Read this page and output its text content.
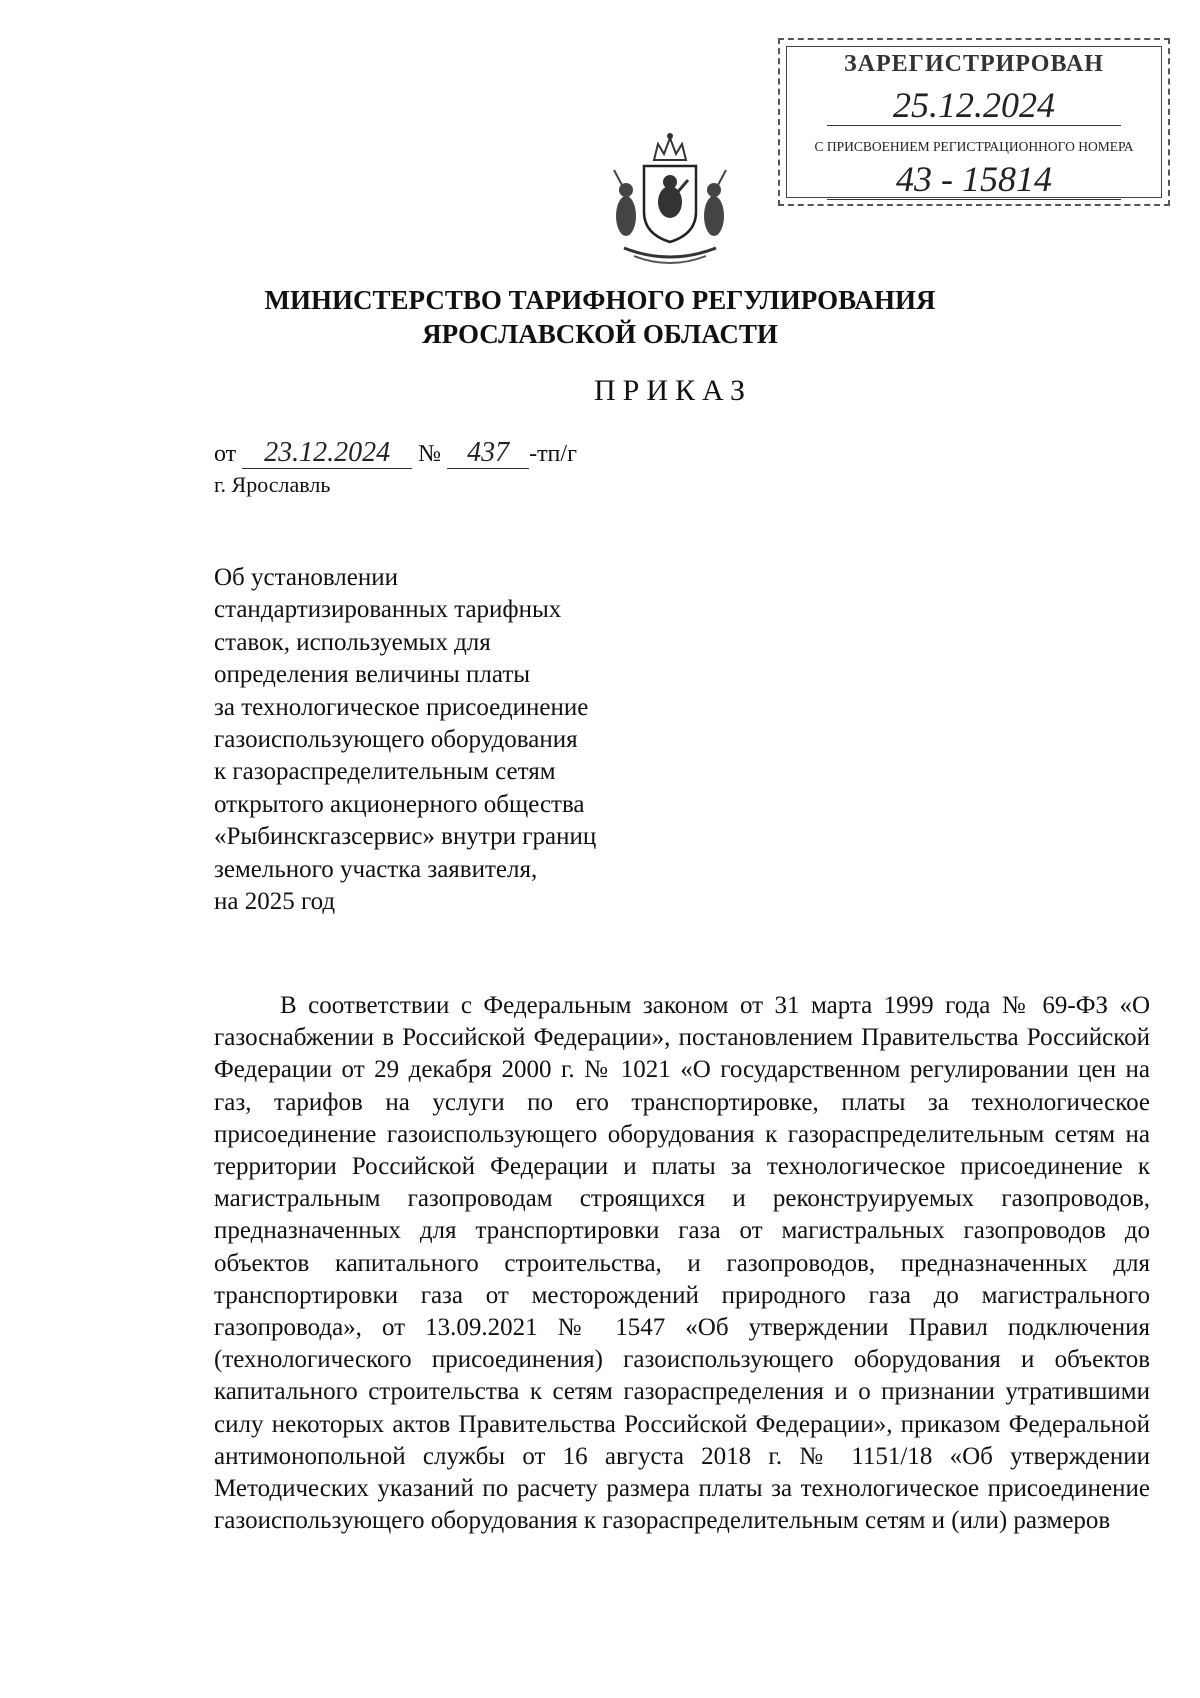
ЗАРЕГИСТРИРОВАН
25.12.2024
С ПРИСВОЕНИЕМ РЕГИСТРАЦИОННОГО НОМЕРА
43 - 15814
МИНИСТЕРСТВО ТАРИФНОГО РЕГУЛИРОВАНИЯ
ЯРОСЛАВСКОЙ ОБЛАСТИ
ПРИКАЗ
от 23.12.2024 № 437 -тп/г
г. Ярославль
Об установлении
стандартизированных тарифных
ставок, используемых для
определения величины платы
за технологическое присоединение
газоиспользующего оборудования
к газораспределительным сетям
открытого акционерного общества
«Рыбинскгазсервис» внутри границ
земельного участка заявителя,
на 2025 год
В соответствии с Федеральным законом от 31 марта 1999 года № 69-ФЗ «О газоснабжении в Российской Федерации», постановлением Правительства Российской Федерации от 29 декабря 2000 г. № 1021 «О государственном регулировании цен на газ, тарифов на услуги по его транспортировке, платы за технологическое присоединение газоиспользующего оборудования к газораспределительным сетям на территории Российской Федерации и платы за технологическое присоединение к магистральным газопроводам строящихся и реконструируемых газопроводов, предназначенных для транспортировки газа от магистральных газопроводов до объектов капитального строительства, и газопроводов, предназначенных для транспортировки газа от месторождений природного газа до магистрального газопровода», от 13.09.2021 № 1547 «Об утверждении Правил подключения (технологического присоединения) газоиспользующего оборудования и объектов капитального строительства к сетям газораспределения и о признании утратившими силу некоторых актов Правительства Российской Федерации», приказом Федеральной антимонопольной службы от 16 августа 2018 г. № 1151/18 «Об утверждении Методических указаний по расчету размера платы за технологическое присоединение газоиспользующего оборудования к газораспределительным сетям и (или) размеров
